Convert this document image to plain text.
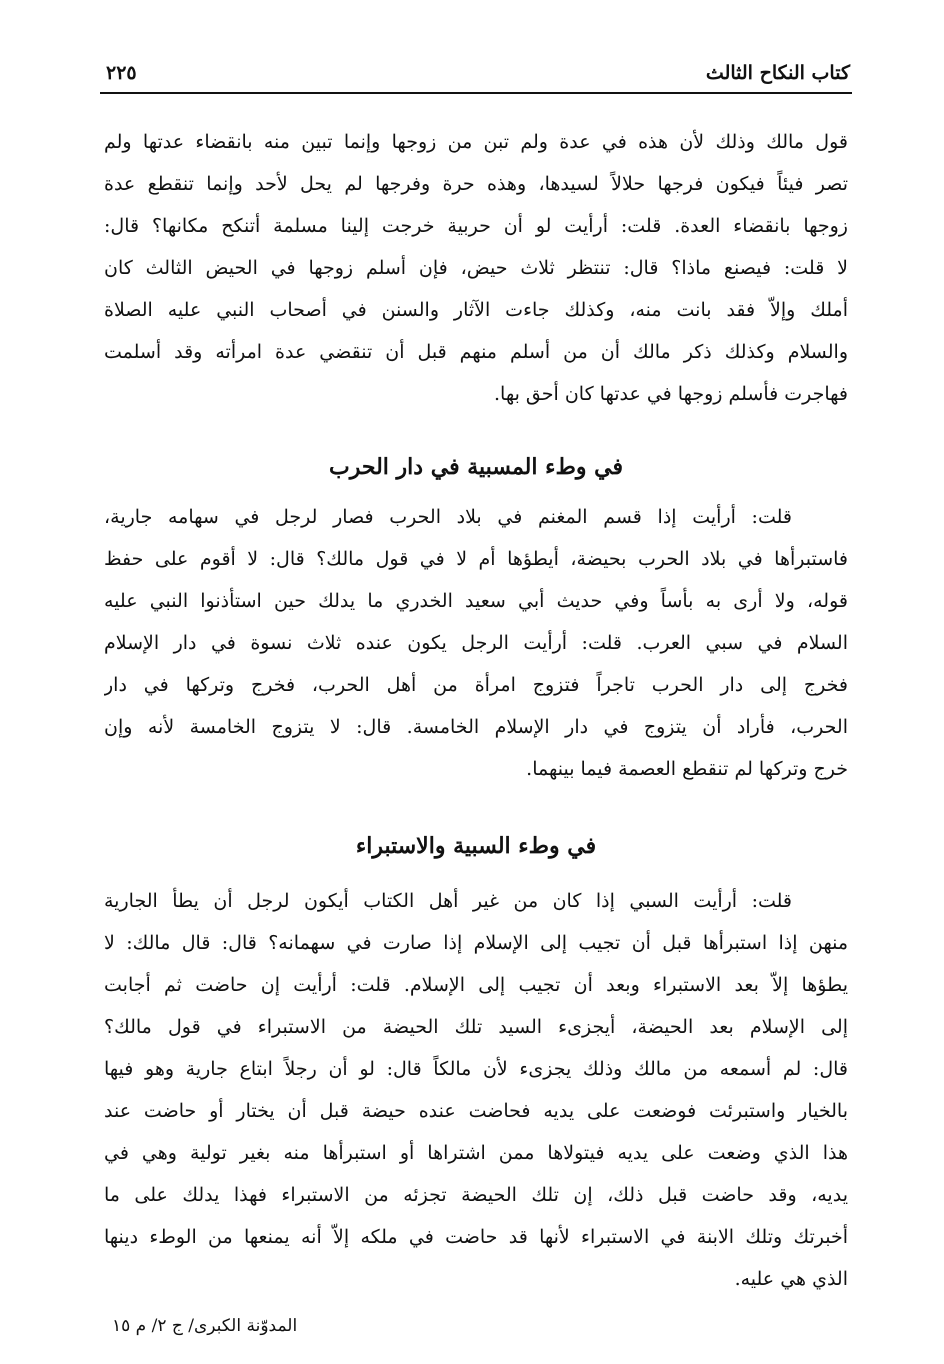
كتاب النكاح الثالث
٢٢٥
قول مالك وذلك لأن هذه في عدة ولم تبن من زوجها وإنما تبين منه بانقضاء عدتها ولم
تصر فيئاً فيكون فرجها حلالاً لسيدها، وهذه حرة وفرجها لم يحل لأحد وإنما تنقطع عدة
زوجها بانقضاء العدة. قلت: أرأيت لو أن حربية خرجت إلينا مسلمة أتنكح مكانها؟ قال:
لا قلت: فيصنع ماذا؟ قال: تنتظر ثلاث حيض، فإن أسلم زوجها في الحيض الثالث كان
أملك وإلاّ فقد بانت منه، وكذلك جاءت الآثار والسنن في أصحاب النبي عليه الصلاة
والسلام وكذلك ذكر مالك أن من أسلم منهم قبل أن تنقضي عدة امرأته وقد أسلمت
فهاجرت فأسلم زوجها في عدتها كان أحق بها.
في وطء المسبية في دار الحرب
قلت: أرأيت إذا قسم المغنم في بلاد الحرب فصار لرجل في سهامه جارية،
فاستبرأها في بلاد الحرب بحيضة، أيطؤها أم لا في قول مالك؟ قال: لا أقوم على حفظ
قوله، ولا أرى به بأساً وفي حديث أبي سعيد الخدري ما يدلك حين استأذنوا النبي عليه
السلام في سبي العرب. قلت: أرأيت الرجل يكون عنده ثلاث نسوة في دار الإسلام
فخرج إلى دار الحرب تاجراً فتزوج امرأة من أهل الحرب، فخرج وتركها في دار
الحرب، فأراد أن يتزوج في دار الإسلام الخامسة. قال: لا يتزوج الخامسة لأنه وإن
خرج وتركها لم تنقطع العصمة فيما بينهما.
في وطء السبية والاستبراء
قلت: أرأيت السبي إذا كان من غير أهل الكتاب أيكون لرجل أن يطأ الجارية
منهن إذا استبرأها قبل أن تجيب إلى الإسلام إذا صارت في سهمانه؟ قال: قال مالك: لا
يطؤها إلاّ بعد الاستبراء وبعد أن تجيب إلى الإسلام. قلت: أرأيت إن حاضت ثم أجابت
إلى الإسلام بعد الحيضة، أيجزىء السيد تلك الحيضة من الاستبراء في قول مالك؟
قال: لم أسمعه من مالك وذلك يجزىء لأن مالكاً قال: لو أن رجلاً ابتاع جارية وهو فيها
بالخيار واستبرئت فوضعت على يديه فحاضت عنده حيضة قبل أن يختار أو حاضت عند
هذا الذي وضعت على يديه فيتولاها ممن اشتراها أو استبرأها منه بغير تولية وهي في
يديه، وقد حاضت قبل ذلك، إن تلك الحيضة تجزئه من الاستبراء فهذا يدلك على ما
أخبرتك وتلك الابنة في الاستبراء لأنها قد حاضت في ملكه إلاّ أنه يمنعها من الوطء دينها
الذي هي عليه.
المدوّنة الكبرى/ ج ٢/ م ١٥
